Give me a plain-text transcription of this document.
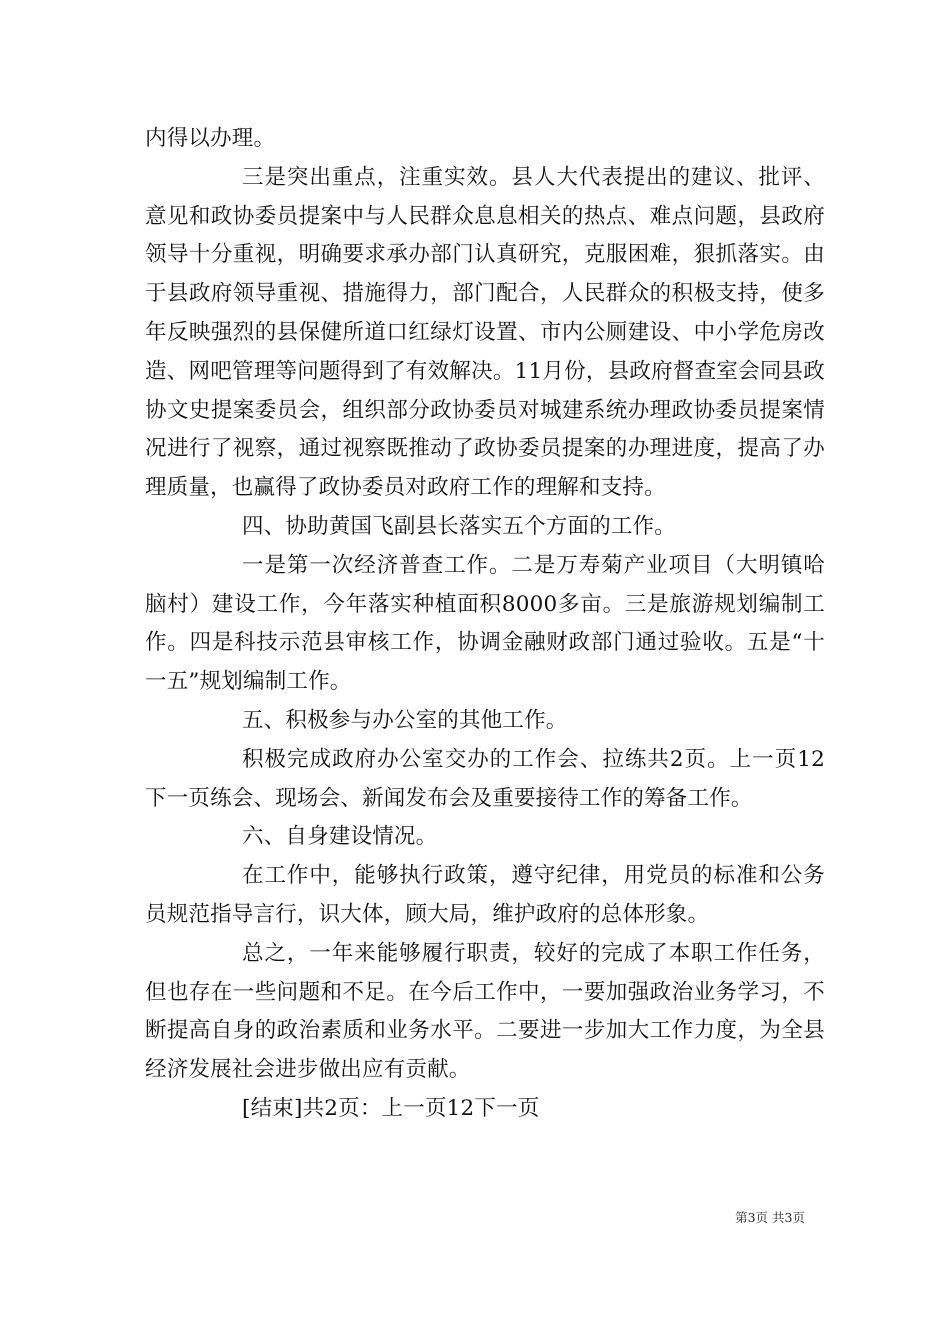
内得以办理。

三是突出重点，注重实效。县人大代表提出的建议、批评、意见和政协委员提案中与人民群众息息相关的热点、难点问题，县政府领导十分重视，明确要求承办部门认真研究，克服困难，狠抓落实。由于县政府领导重视、措施得力，部门配合，人民群众的积极支持，使多年反映强烈的县保健所道口红绿灯设置、市内公厕建设、中小学危房改造、网吧管理等问题得到了有效解决。11月份，县政府督查室会同县政协文史提案委员会，组织部分政协委员对城建系统办理政协委员提案情况进行了视察，通过视察既推动了政协委员提案的办理进度，提高了办理质量，也赢得了政协委员对政府工作的理解和支持。

四、协助黄国飞副县长落实五个方面的工作。

一是第一次经济普查工作。二是万寿菊产业项目（大明镇哈脑村）建设工作，今年落实种植面积8000多亩。三是旅游规划编制工作。四是科技示范县审核工作，协调金融财政部门通过验收。五是“十一五”规划编制工作。

五、积极参与办公室的其他工作。

积极完成政府办公室交办的工作会、拉练共2页。上一页12下一页练会、现场会、新闻发布会及重要接待工作的筹备工作。

六、自身建设情况。

在工作中，能够执行政策，遵守纪律，用党员的标准和公务员规范指导言行，识大体，顾大局，维护政府的总体形象。

总之，一年来能够履行职责，较好的完成了本职工作任务，但也存在一些问题和不足。在今后工作中，一要加强政治业务学习，不断提高自身的政治素质和业务水平。二要进一步加大工作力度，为全县经济发展社会进步做出应有贡献。

[结束]共2页：上一页12下一页

第3页 共3页
